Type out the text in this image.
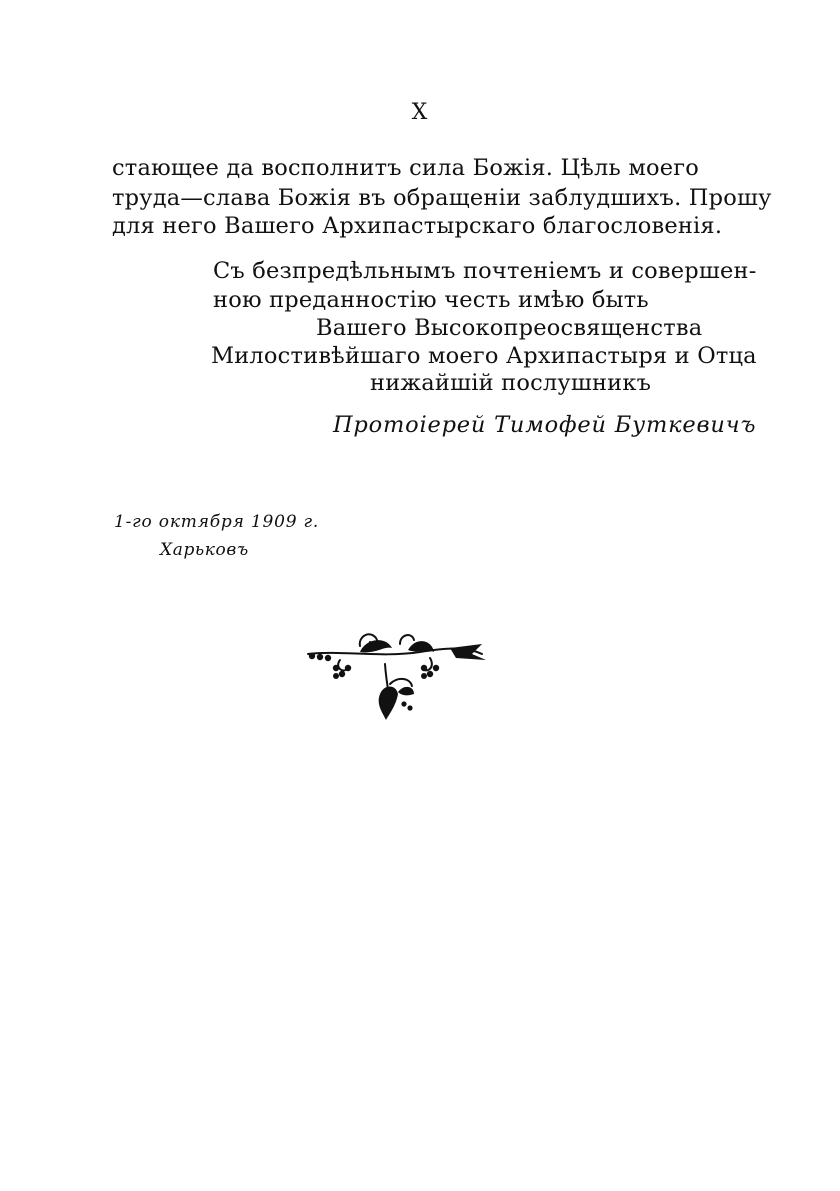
X
стающее да восполнитъ сила Божія. Цѣль моего
труда—слава Божія въ обращеніи заблудшихъ. Прошу
для него Вашего Архипастырскаго благословенія.
Съ безпредѣльнымъ почтеніемъ и совершен-
ною преданностію честь имѣю быть
Вашего Высокопреосвященства
Милостивѣйшаго моего Архипастыря и Отца
нижайшій послушникъ
Протоіерей Тимофей Буткевичъ
1-го октября 1909 г.
Харьковъ
